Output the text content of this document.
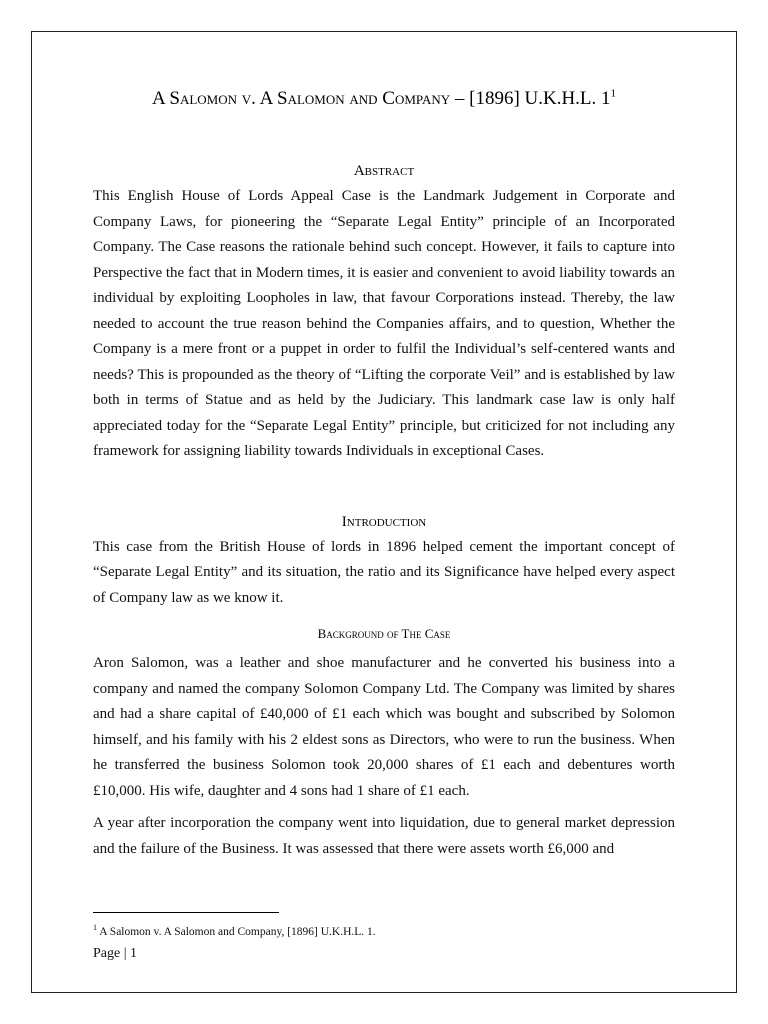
A Salomon v. A Salomon and Company – [1896] U.K.H.L. $1^1$
Abstract

This English House of Lords Appeal Case is the Landmark Judgement in Corporate and Company Laws, for pioneering the “Separate Legal Entity” principle of an Incorporated Company. The Case reasons the rationale behind such concept. However, it fails to capture into Perspective the fact that in Modern times, it is easier and convenient to avoid liability towards an individual by exploiting Loopholes in law, that favour Corporations instead. Thereby, the law needed to account the true reason behind the Companies affairs, and to question, Whether the Company is a mere front or a puppet in order to fulfil the Individual’s self-centered wants and needs? This is propounded as the theory of “Lifting the corporate Veil” and is established by law both in terms of Statue and as held by the Judiciary. This landmark case law is only half appreciated today for the “Separate Legal Entity” principle, but criticized for not including any framework for assigning liability towards Individuals in exceptional Cases.

Introduction

This case from the British House of lords in 1896 helped cement the important concept of “Separate Legal Entity” and its situation, the ratio and its Significance have helped every aspect of Company law as we know it.

Background of The Case

Aron Salomon, was a leather and shoe manufacturer and he converted his business into a company and named the company Solomon Company Ltd. The Company was limited by shares and had a share capital of £40,000 of £1 each which was bought and subscribed by Solomon himself, and his family with his 2 eldest sons as Directors, who were to run the business. When he transferred the business Solomon took 20,000 shares of £1 each and debentures worth £10,000. His wife, daughter and 4 sons had 1 share of £1 each.

A year after incorporation the company went into liquidation, due to general market depression and the failure of the Business. It was assessed that there were assets worth £6,000 and

$^1$ A Salomon v. A Salomon and Company, [1896] U.K.H.L. 1.
Page | 1
